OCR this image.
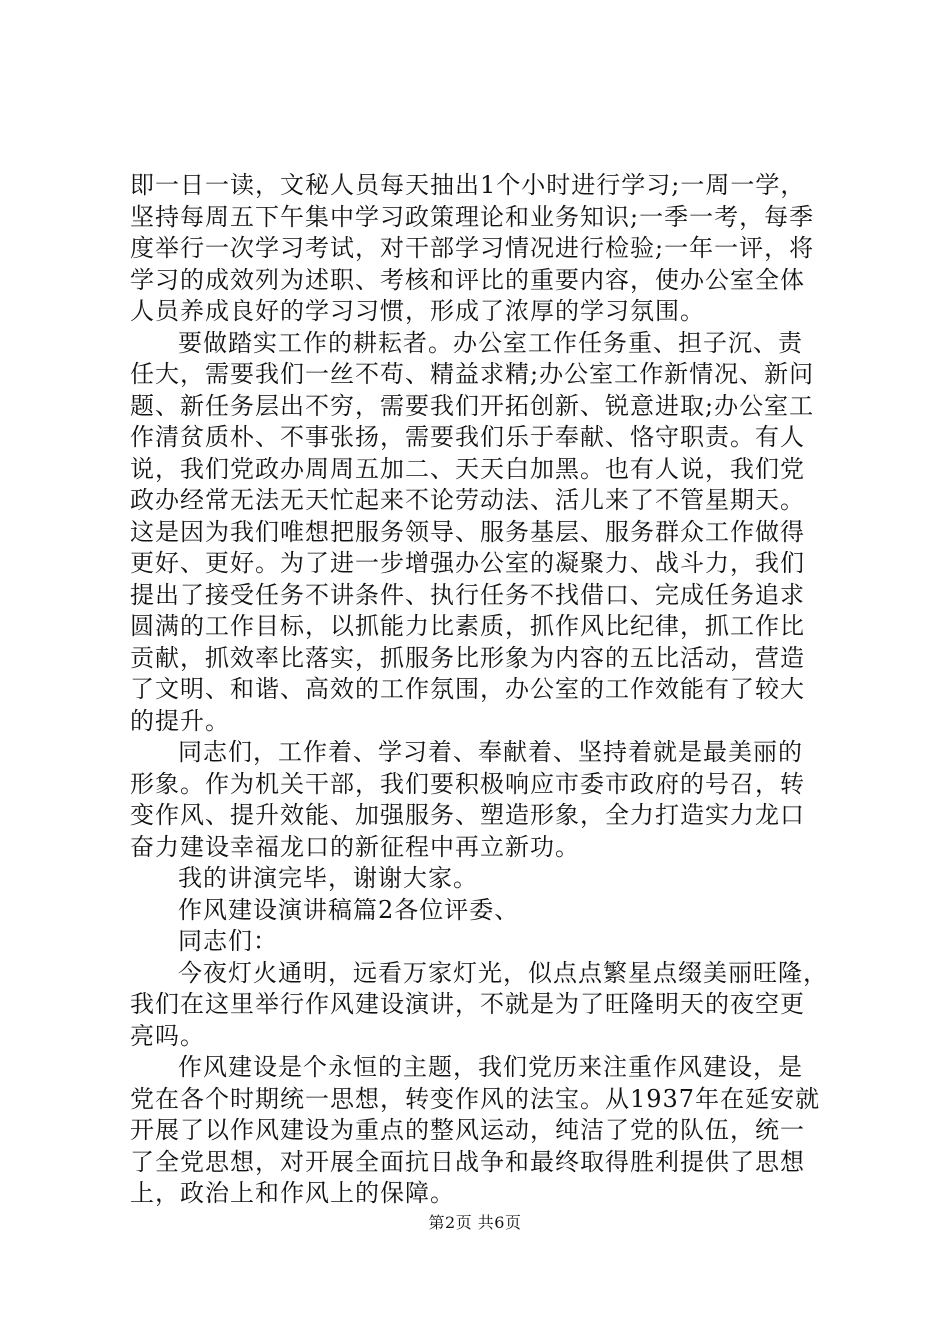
即一日一读，文秘人员每天抽出1个小时进行学习;一周一学，
坚持每周五下午集中学习政策理论和业务知识;一季一考，每季
度举行一次学习考试，对干部学习情况进行检验;一年一评，将
学习的成效列为述职、考核和评比的重要内容，使办公室全体
人员养成良好的学习习惯，形成了浓厚的学习氛围。
要做踏实工作的耕耘者。办公室工作任务重、担子沉、责
任大，需要我们一丝不苟、精益求精;办公室工作新情况、新问
题、新任务层出不穷，需要我们开拓创新、锐意进取;办公室工
作清贫质朴、不事张扬，需要我们乐于奉献、恪守职责。有人
说，我们党政办周周五加二、天天白加黑。也有人说，我们党
政办经常无法无天忙起来不论劳动法、活儿来了不管星期天。
这是因为我们唯想把服务领导、服务基层、服务群众工作做得
更好、更好。为了进一步增强办公室的凝聚力、战斗力，我们
提出了接受任务不讲条件、执行任务不找借口、完成任务追求
圆满的工作目标，以抓能力比素质，抓作风比纪律，抓工作比
贡献，抓效率比落实，抓服务比形象为内容的五比活动，营造
了文明、和谐、高效的工作氛围，办公室的工作效能有了较大
的提升。
同志们，工作着、学习着、奉献着、坚持着就是最美丽的
形象。作为机关干部，我们要积极响应市委市政府的号召，转
变作风、提升效能、加强服务、塑造形象，全力打造实力龙口
奋力建设幸福龙口的新征程中再立新功。
我的讲演完毕，谢谢大家。
作风建设演讲稿篇2各位评委、
同志们：
今夜灯火通明，远看万家灯光，似点点繁星点缀美丽旺隆，
我们在这里举行作风建设演讲，不就是为了旺隆明天的夜空更
亮吗。
作风建设是个永恒的主题，我们党历来注重作风建设，是
党在各个时期统一思想，转变作风的法宝。从1937年在延安就
开展了以作风建设为重点的整风运动，纯洁了党的队伍，统一
了全党思想，对开展全面抗日战争和最终取得胜利提供了思想
上，政治上和作风上的保障。
第2页 共6页
